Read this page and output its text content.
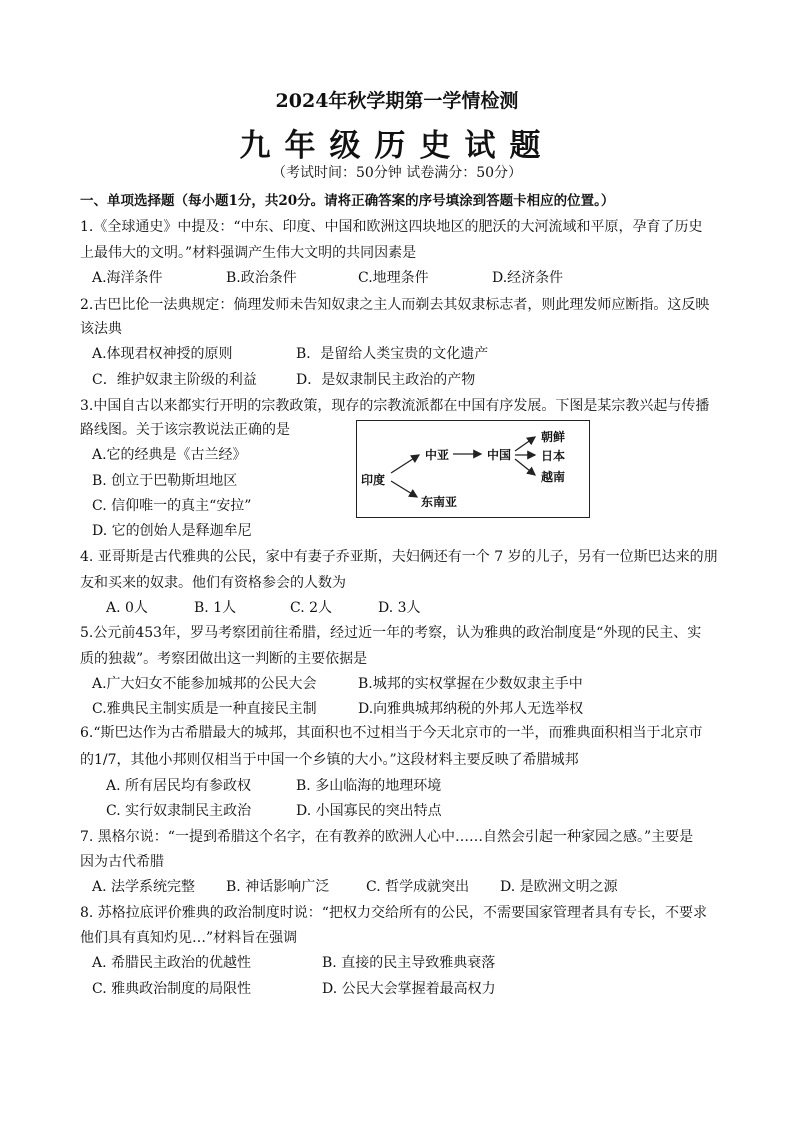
2024年秋学期第一学情检测
九年级历史试题
（考试时间：50分钟 试卷满分：50分）
一、单项选择题（每小题1分，共20分。请将正确答案的序号填涂到答题卡相应的位置。）
1.《全球通史》中提及：“中东、印度、中国和欧洲这四块地区的肥沃的大河流域和平原，孕育了历史
上最伟大的文明。”材料强调产生伟大文明的共同因素是
A.海洋条件	B.政治条件	C.地理条件	D.经济条件
2.古巴比伦一法典规定：倘理发师未告知奴隶之主人而剃去其奴隶标志者，则此理发师应断指。这反映
该法典
A.体现君权神授的原则	B．是留给人类宝贵的文化遗产
C．维护奴隶主阶级的利益	D．是奴隶制民主政治的产物
3.中国自古以来都实行开明的宗教政策，现存的宗教流派都在中国有序发展。下图是某宗教兴起与传播
路线图。关于该宗教说法正确的是
A.它的经典是《古兰经》
B. 创立于巴勒斯坦地区
C. 信仰唯一的真主“安拉”
D. 它的创始人是释迦牟尼
印度
中亚	中国
东南亚
朝鲜
日本
越南
4. 亚哥斯是古代雅典的公民，家中有妻子乔亚斯，夫妇俩还有一个 7 岁的儿子，另有一位斯巴达来的朋
友和买来的奴隶。他们有资格参会的人数为
A. 0人	B. 1人	C. 2人	D. 3人
5.公元前453年，罗马考察团前往希腊，经过近一年的考察，认为雅典的政治制度是“外现的民主、实
质的独裁”。考察团做出这一判断的主要依据是
A.广大妇女不能参加城邦的公民大会	B.城邦的实权掌握在少数奴隶主手中
C.雅典民主制实质是一种直接民主制	D.向雅典城邦纳税的外邦人无选举权
6.“斯巴达作为古希腊最大的城邦，其面积也不过相当于今天北京市的一半，而雅典面积相当于北京市
的1/7，其他小邦则仅相当于中国一个乡镇的大小。”这段材料主要反映了希腊城邦
A. 所有居民均有参政权	B. 多山临海的地理环境
C. 实行奴隶制民主政治	D. 小国寡民的突出特点
7. 黑格尔说：“一提到希腊这个名字，在有教养的欧洲人心中……自然会引起一种家园之感。”主要是
因为古代希腊
A. 法学系统完整 B. 神话影响广泛	C. 哲学成就突出 D. 是欧洲文明之源
8. 苏格拉底评价雅典的政治制度时说：“把权力交给所有的公民，不需要国家管理者具有专长，不要求
他们具有真知灼见…”材料旨在强调
A. 希腊民主政治的优越性	B. 直接的民主导致雅典衰落
C. 雅典政治制度的局限性	D. 公民大会掌握着最高权力
